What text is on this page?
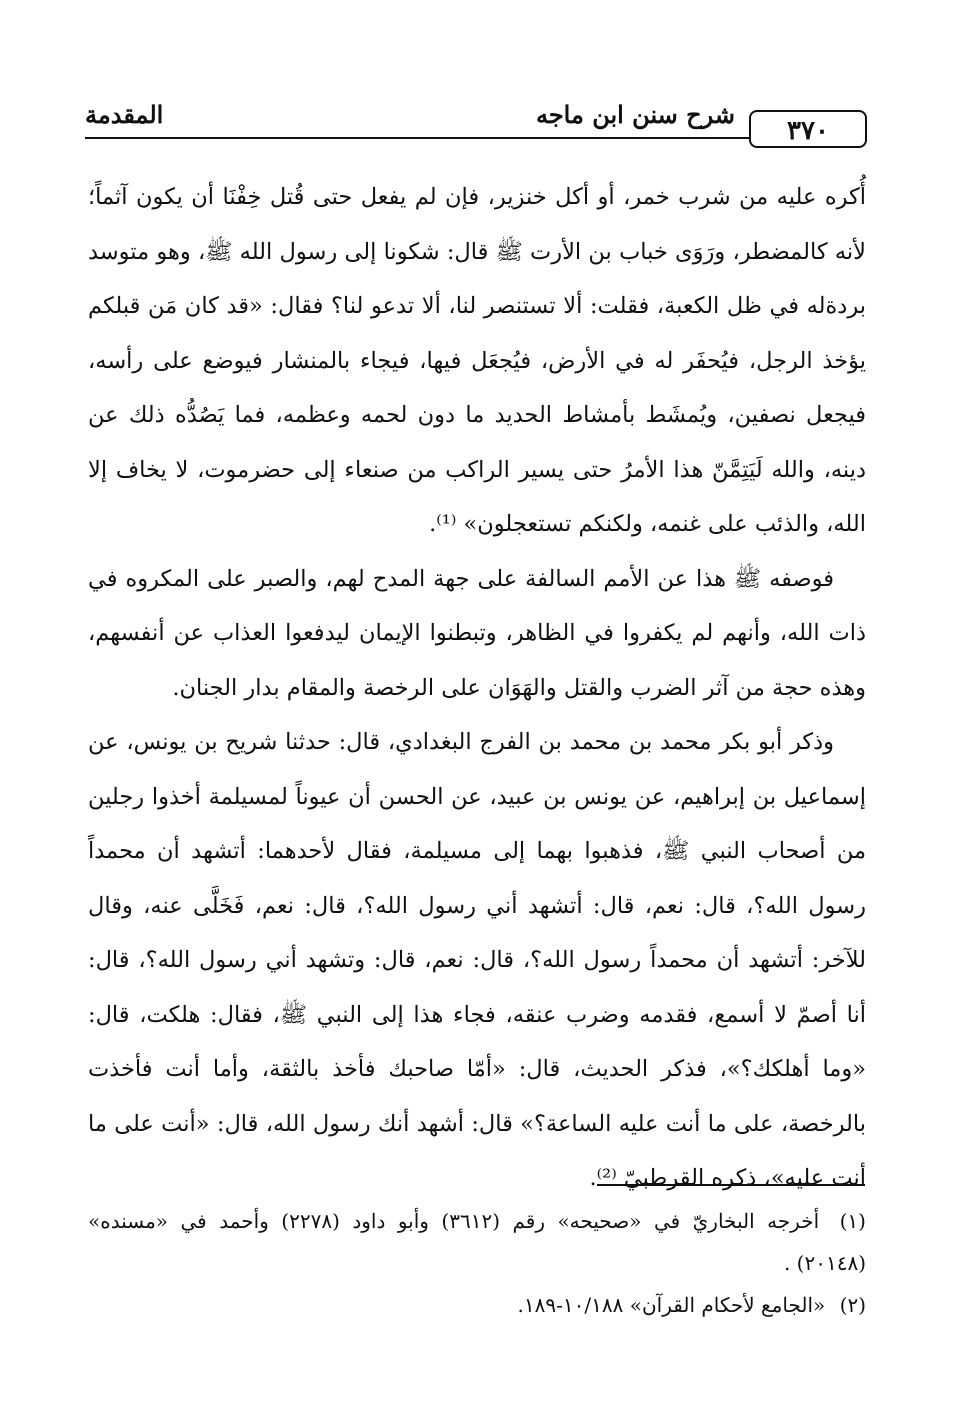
٣٧٠
شرح سنن ابن ماجه
المقدمة

أُكره عليه من شرب خمر، أو أكل خنزير، فإن لم يفعل حتى قُتل خِفْنَا أن يكون آثماً؛ لأنه كالمضطر، ورَوَى خباب بن الأرت ﷺ قال: شكونا إلى رسول الله ﷺ، وهو متوسد بردةله في ظل الكعبة، فقلت: ألا تستنصر لنا، ألا تدعو لنا؟ فقال: «قد كان مَن قبلكم يؤخذ الرجل، فيُحفَر له في الأرض، فيُجعَل فيها، فيجاء بالمنشار فيوضع على رأسه، فيجعل نصفين، ويُمشَط بأمشاط الحديد ما دون لحمه وعظمه، فما يَصُدُّه ذلك عن دينه، والله لَيَتِمَّنّ هذا الأمرُ حتى يسير الراكب من صنعاء إلى حضرموت، لا يخاف إلا الله، والذئب على غنمه، ولكنكم تستعجلون» ⁽¹⁾.

فوصفه ﷺ هذا عن الأمم السالفة على جهة المدح لهم، والصبر على المكروه في ذات الله، وأنهم لم يكفروا في الظاهر، وتبطنوا الإيمان ليدفعوا العذاب عن أنفسهم، وهذه حجة من آثر الضرب والقتل والهَوَان على الرخصة والمقام بدار الجنان.

وذكر أبو بكر محمد بن محمد بن الفرج البغدادي، قال: حدثنا شريح بن يونس، عن إسماعيل بن إبراهيم، عن يونس بن عبيد، عن الحسن أن عيوناً لمسيلمة أخذوا رجلين من أصحاب النبي ﷺ، فذهبوا بهما إلى مسيلمة، فقال لأحدهما: أتشهد أن محمداً رسول الله؟، قال: نعم، قال: أتشهد أني رسول الله؟، قال: نعم، فَخَلَّى عنه، وقال للآخر: أتشهد أن محمداً رسول الله؟، قال: نعم، قال: وتشهد أني رسول الله؟، قال: أنا أصمّ لا أسمع، فقدمه وضرب عنقه، فجاء هذا إلى النبي ﷺ، فقال: هلكت، قال: «وما أهلكك؟»، فذكر الحديث، قال: «أمّا صاحبك فأخذ بالثقة، وأما أنت فأخذت بالرخصة، على ما أنت عليه الساعة؟» قال: أشهد أنك رسول الله، قال: «أنت على ما أنت عليه»، ذكره القرطبيّ ⁽²⁾.

(١) أخرجه البخاريّ في «صحيحه» رقم (٣٦١٢) وأبو داود (٢٢٧٨) وأحمد في «مسنده» (٢٠١٤٨) .

(٢) «الجامع لأحكام القرآن» ١٠/١٨٨-١٨٩.
